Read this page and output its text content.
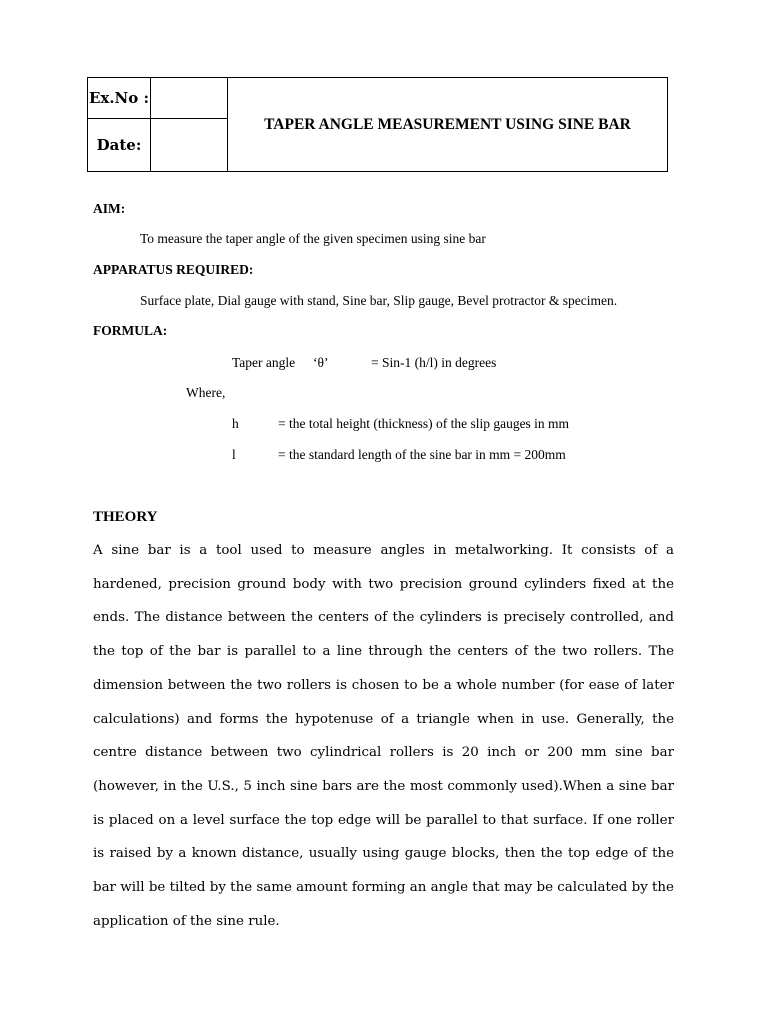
Ex.No :		TAPER ANGLE MEASUREMENT USING SINE BAR
Date:		
AIM:
To measure the taper angle of the given specimen using sine bar
APPARATUS REQUIRED:
Surface plate, Dial gauge with stand, Sine bar, Slip gauge, Bevel protractor & specimen.
FORMULA:
Taper angle ‘θ’	= Sin-1 (h/l) in degrees
Where,
h	= the total height (thickness) of the slip gauges in mm
l	= the standard length of the sine bar in mm = 200mm
THEORY
A sine bar is a tool used to measure angles in metalworking. It consists of a hardened, precision ground body with two precision ground cylinders fixed at the ends. The distance between the centers of the cylinders is precisely controlled, and the top of the bar is parallel to a line through the centers of the two rollers. The dimension between the two rollers is chosen to be a whole number (for ease of later calculations) and forms the hypotenuse of a triangle when in use. Generally, the centre distance between two cylindrical rollers is 20 inch or 200 mm sine bar (however, in the U.S., 5 inch sine bars are the most commonly used).When a sine bar is placed on a level surface the top edge will be parallel to that surface. If one roller is raised by a known distance, usually using gauge blocks, then the top edge of the bar will be tilted by the same amount forming an angle that may be calculated by the application of the sine rule.
